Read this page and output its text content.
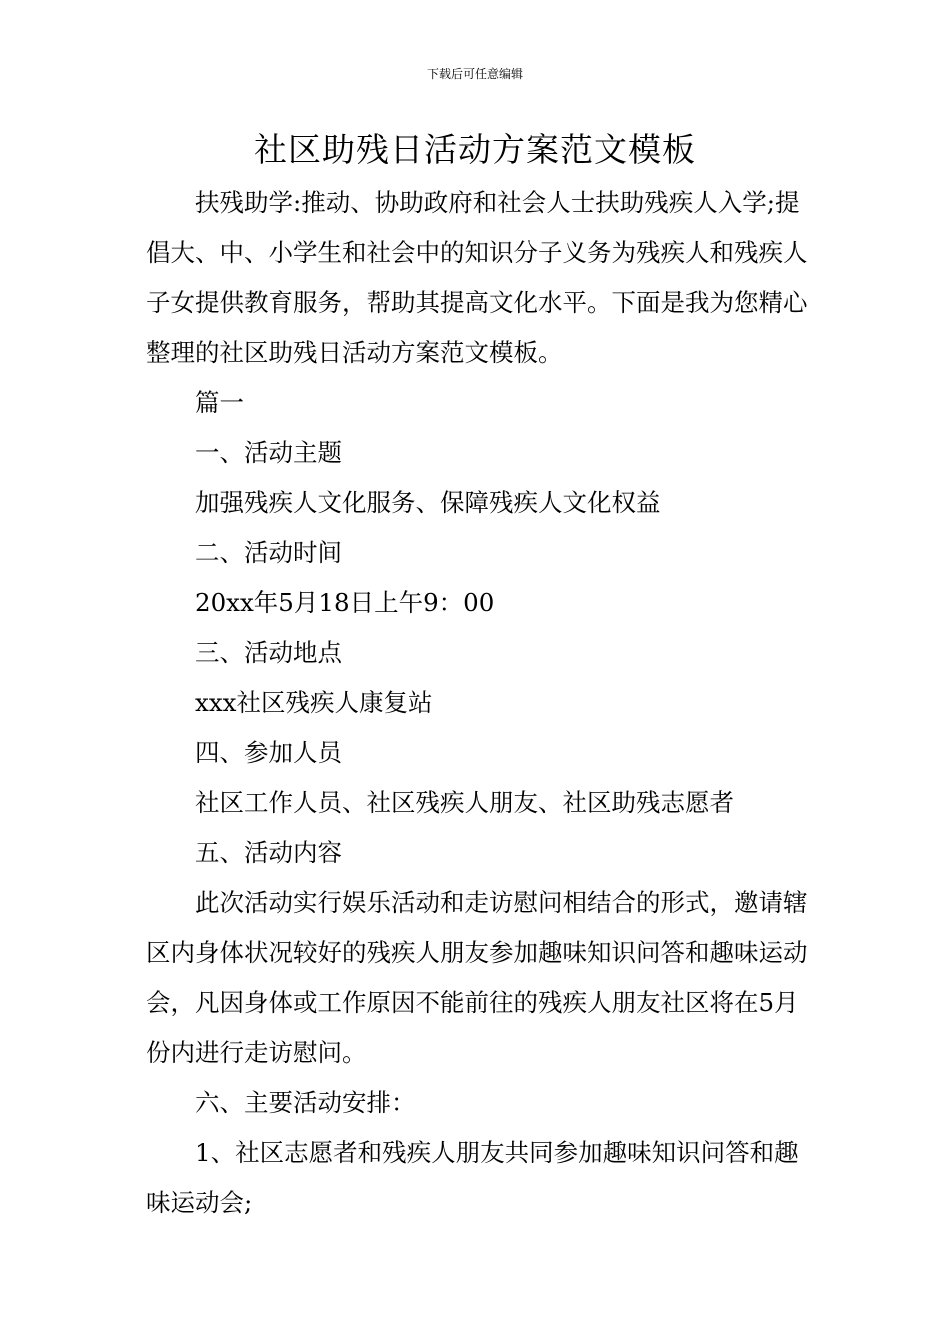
下载后可任意编辑
社区助残日活动方案范文模板

扶残助学:推动、协助政府和社会人士扶助残疾人入学;提倡大、中、小学生和社会中的知识分子义务为残疾人和残疾人子女提供教育服务，帮助其提高文化水平。下面是我为您精心整理的社区助残日活动方案范文模板。

篇一

一、活动主题

加强残疾人文化服务、保障残疾人文化权益

二、活动时间

20xx年5月18日上午9：00

三、活动地点

xxx社区残疾人康复站

四、参加人员

社区工作人员、社区残疾人朋友、社区助残志愿者

五、活动内容

此次活动实行娱乐活动和走访慰问相结合的形式，邀请辖区内身体状况较好的残疾人朋友参加趣味知识问答和趣味运动会，凡因身体或工作原因不能前往的残疾人朋友社区将在5月份内进行走访慰问。

六、主要活动安排：

1、社区志愿者和残疾人朋友共同参加趣味知识问答和趣味运动会;
